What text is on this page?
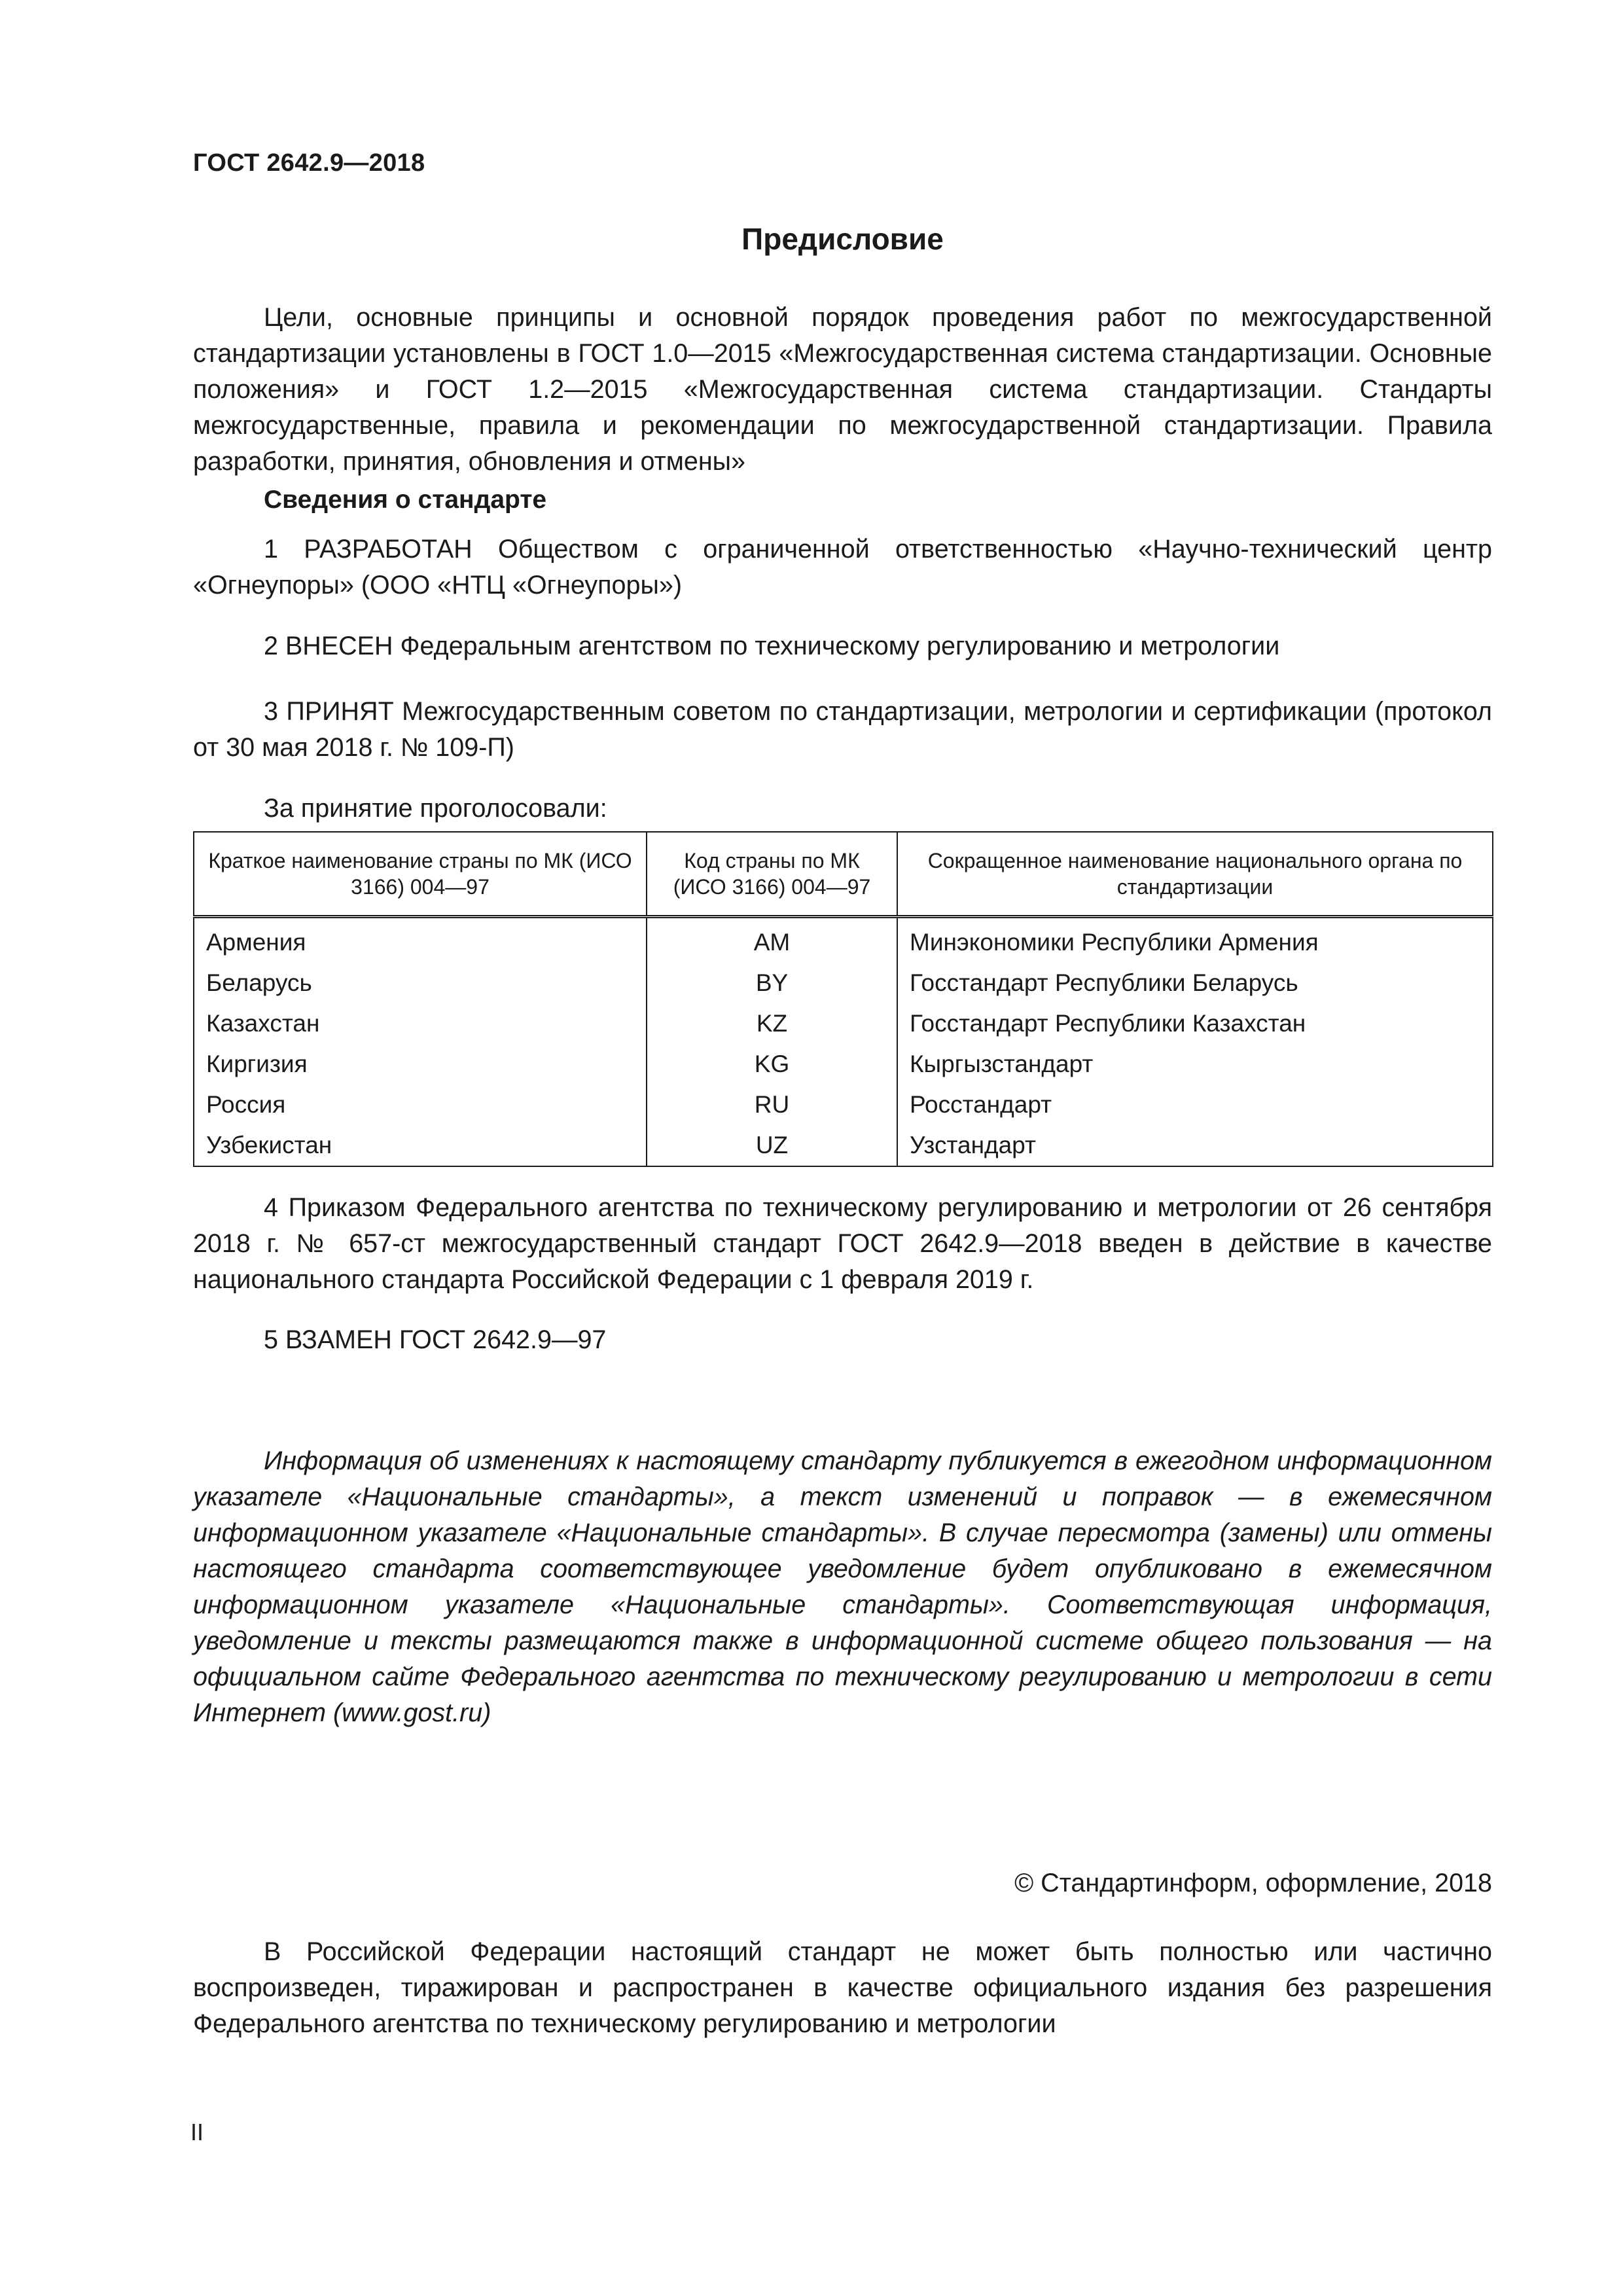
ГОСТ 2642.9—2018
Предисловие

Цели, основные принципы и основной порядок проведения работ по межгосударственной стандартизации установлены в ГОСТ 1.0—2015 «Межгосударственная система стандартизации. Основные положения» и ГОСТ 1.2—2015 «Межгосударственная система стандартизации. Стандарты межгосударственные, правила и рекомендации по межгосударственной стандартизации. Правила разработки, принятия, обновления и отмены»

Сведения о стандарте

1 РАЗРАБОТАН Обществом с ограниченной ответственностью «Научно-технический центр «Огнеупоры» (ООО «НТЦ «Огнеупоры»)

2 ВНЕСЕН Федеральным агентством по техническому регулированию и метрологии

3 ПРИНЯТ Межгосударственным советом по стандартизации, метрологии и сертификации (протокол от 30 мая 2018 г. № 109-П)

За принятие проголосовали:

Краткое наименование страны по МК (ИСО 3166) 004—97	Код страны по МК (ИСО 3166) 004—97	Сокращенное наименование национального органа по стандартизации
Армения	AM	Минэкономики Республики Армения
Беларусь	BY	Госстандарт Республики Беларусь
Казахстан	KZ	Госстандарт Республики Казахстан
Киргизия	KG	Кыргызстандарт
Россия	RU	Росстандарт
Узбекистан	UZ	Узстандарт

4 Приказом Федерального агентства по техническому регулированию и метрологии от 26 сентября 2018 г. № 657-ст межгосударственный стандарт ГОСТ 2642.9—2018 введен в действие в качестве национального стандарта Российской Федерации с 1 февраля 2019 г.

5 ВЗАМЕН ГОСТ 2642.9—97

Информация об изменениях к настоящему стандарту публикуется в ежегодном информационном указателе «Национальные стандарты», а текст изменений и поправок — в ежемесячном информационном указателе «Национальные стандарты». В случае пересмотра (замены) или отмены настоящего стандарта соответствующее уведомление будет опубликовано в ежемесячном информационном указателе «Национальные стандарты». Соответствующая информация, уведомление и тексты размещаются также в информационной системе общего пользования — на официальном сайте Федерального агентства по техническому регулированию и метрологии в сети Интернет (www.gost.ru)

© Стандартинформ, оформление, 2018

В Российской Федерации настоящий стандарт не может быть полностью или частично воспроизведен, тиражирован и распространен в качестве официального издания без разрешения Федерального агентства по техническому регулированию и метрологии

II
